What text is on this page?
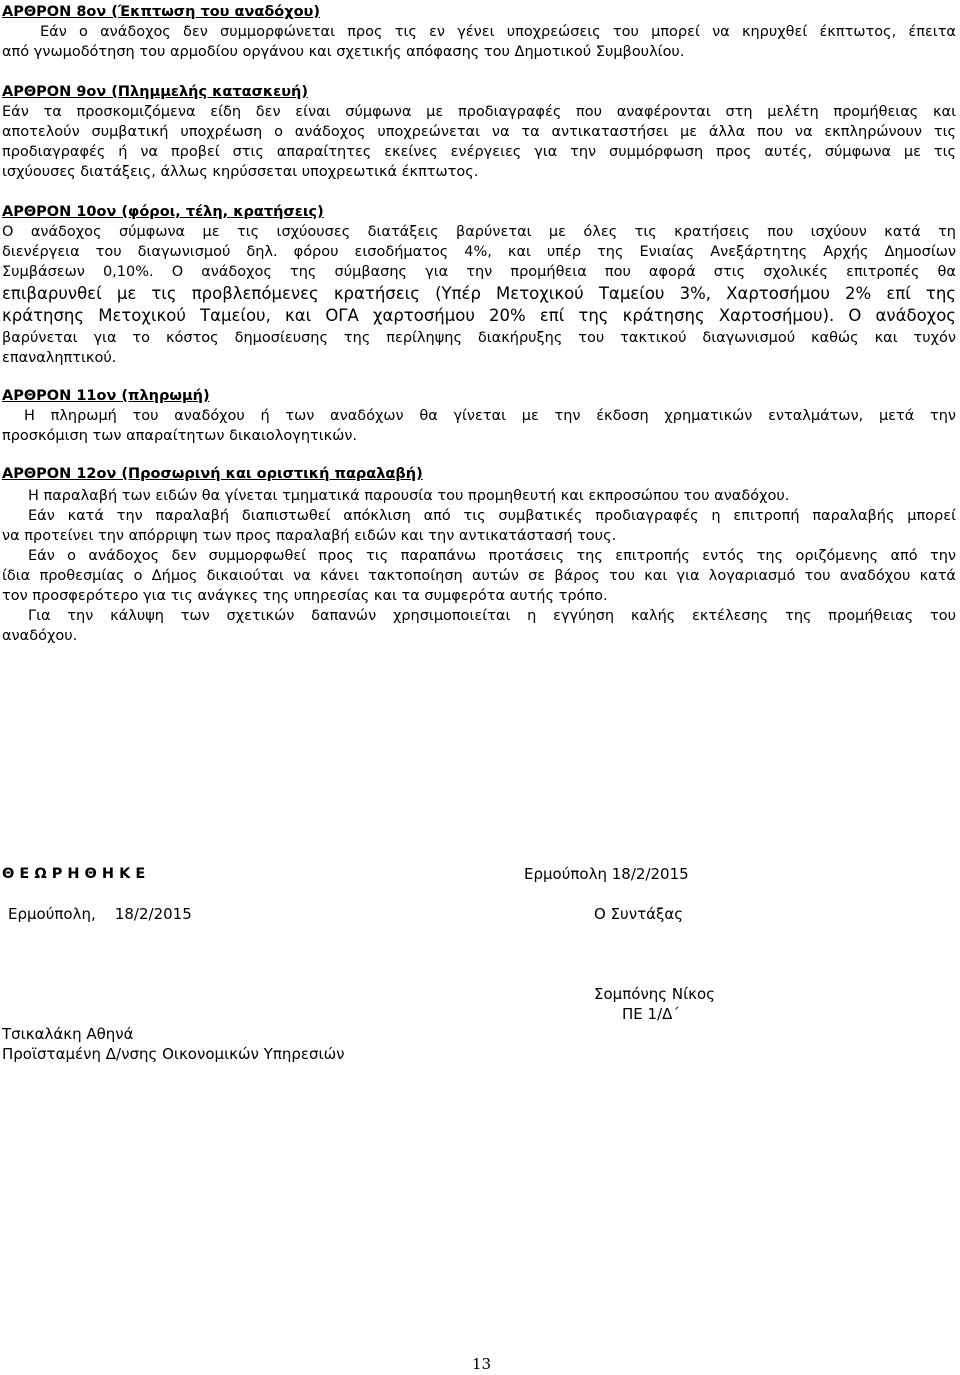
ΑΡΘΡΟΝ 8ον (Έκπτωση του αναδόχου)
Εάν ο ανάδοχος δεν συμμορφώνεται προς τις εν γένει υποχρεώσεις του μπορεί να κηρυχθεί έκπτωτος, έπειτα
από γνωμοδότηση του αρμοδίου οργάνου και σχετικής απόφασης του Δημοτικού Συμβουλίου.
ΑΡΘΡΟΝ 9ον (Πλημμελής κατασκευή)
Εάν τα προσκομιζόμενα είδη δεν είναι σύμφωνα με προδιαγραφές που αναφέρονται στη μελέτη προμήθειας και
αποτελούν συμβατική υποχρέωση ο ανάδοχος υποχρεώνεται να τα αντικαταστήσει με άλλα που να εκπληρώνουν τις
προδιαγραφές ή να προβεί στις απαραίτητες εκείνες ενέργειες για την συμμόρφωση προς αυτές, σύμφωνα με τις
ισχύουσες διατάξεις, άλλως κηρύσσεται υποχρεωτικά έκπτωτος.
ΑΡΘΡΟΝ 10ον (φόροι, τέλη, κρατήσεις)
Ο ανάδοχος σύμφωνα με τις ισχύουσες διατάξεις βαρύνεται με όλες τις κρατήσεις που ισχύουν κατά τη
διενέργεια του διαγωνισμού δηλ. φόρου εισοδήματος 4%, και υπέρ της Ενιαίας Ανεξάρτητης Αρχής Δημοσίων
Συμβάσεων 0,10%. Ο ανάδοχος της σύμβασης για την προμήθεια που αφορά στις σχολικές επιτροπές θα
επιβαρυνθεί με τις προβλεπόμενες κρατήσεις (Υπέρ Μετοχικού Ταμείου 3%, Χαρτοσήμου 2% επί της
κράτησης Μετοχικού Ταμείου, και ΟΓΑ χαρτοσήμου 20% επί της κράτησης Χαρτοσήμου). Ο ανάδοχος
βαρύνεται για το κόστος δημοσίευσης της περίληψης διακήρυξης του τακτικού διαγωνισμού καθώς και τυχόν
επαναληπτικού.
ΑΡΘΡΟΝ 11ον (πληρωμή)
Η πληρωμή του αναδόχου ή των αναδόχων θα γίνεται με την έκδοση χρηματικών ενταλμάτων, μετά την
προσκόμιση των απαραίτητων δικαιολογητικών.
ΑΡΘΡΟΝ 12ον (Προσωρινή και οριστική παραλαβή)
Η παραλαβή των ειδών θα γίνεται τμηματικά παρουσία του προμηθευτή και εκπροσώπου του αναδόχου.
Εάν κατά την παραλαβή διαπιστωθεί απόκλιση από τις συμβατικές προδιαγραφές η επιτροπή παραλαβής μπορεί
να προτείνει την απόρριψη των προς παραλαβή ειδών και την αντικατάστασή τους.
Εάν ο ανάδοχος δεν συμμορφωθεί προς τις παραπάνω προτάσεις της επιτροπής εντός της οριζόμενης από την
ίδια προθεσμίας ο Δήμος δικαιούται να κάνει τακτοποίηση αυτών σε βάρος του και για λογαριασμό του αναδόχου κατά
τον προσφερότερο για τις ανάγκες της υπηρεσίας και τα συμφερότα αυτής τρόπο.
Για την κάλυψη των σχετικών δαπανών χρησιμοποιείται η εγγύηση καλής εκτέλεσης της προμήθειας του
αναδόχου.
Θ Ε Ω Ρ Η Θ Η Κ Ε	Ερμούπολη 18/2/2015
Ερμούπολη,    18/2/2015	Ο Συντάξας
Σομπόνης Νίκος
ΠΕ 1/Δ΄
Τσικαλάκη Αθηνά
Προϊσταμένη Δ/νσης Οικονομικών Υπηρεσιών
13
